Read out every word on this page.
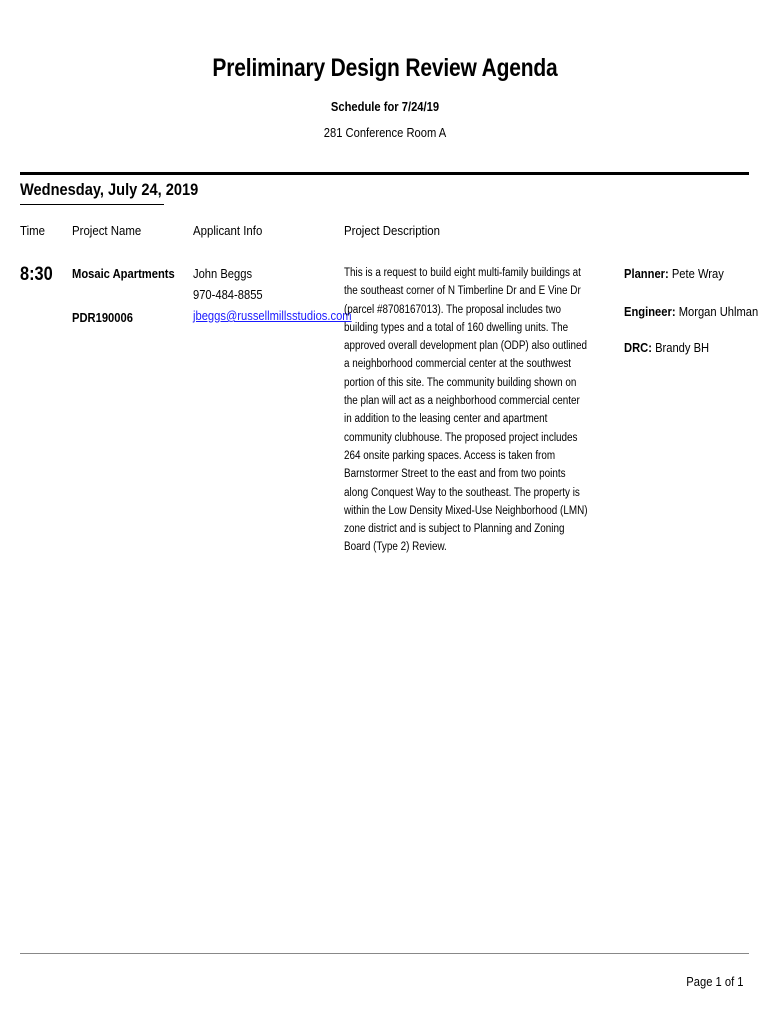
Preliminary Design Review Agenda
Schedule for 7/24/19
281 Conference Room A
Wednesday, July 24, 2019
Time Project Name	Applicant Info	Project Description
8:30 Mosaic Apartments
PDR190006
John Beggs
970-484-8855
jbeggs@russellmillsstudios.com
This is a request to build eight multi-family buildings at the southeast corner of N Timberline Dr and E Vine Dr (parcel #8708167013). The proposal includes two building types and a total of 160 dwelling units. The approved overall development plan (ODP) also outlined a neighborhood commercial center at the southwest portion of this site. The community building shown on the plan will act as a neighborhood commercial center in addition to the leasing center and apartment community clubhouse. The proposed project includes 264 onsite parking spaces. Access is taken from Barnstormer Street to the east and from two points along Conquest Way to the southeast. The property is within the Low Density Mixed-Use Neighborhood (LMN) zone district and is subject to Planning and Zoning Board (Type 2) Review.
Planner: Pete Wray
Engineer: Morgan Uhlman
DRC: Brandy BH
Page 1 of 1
